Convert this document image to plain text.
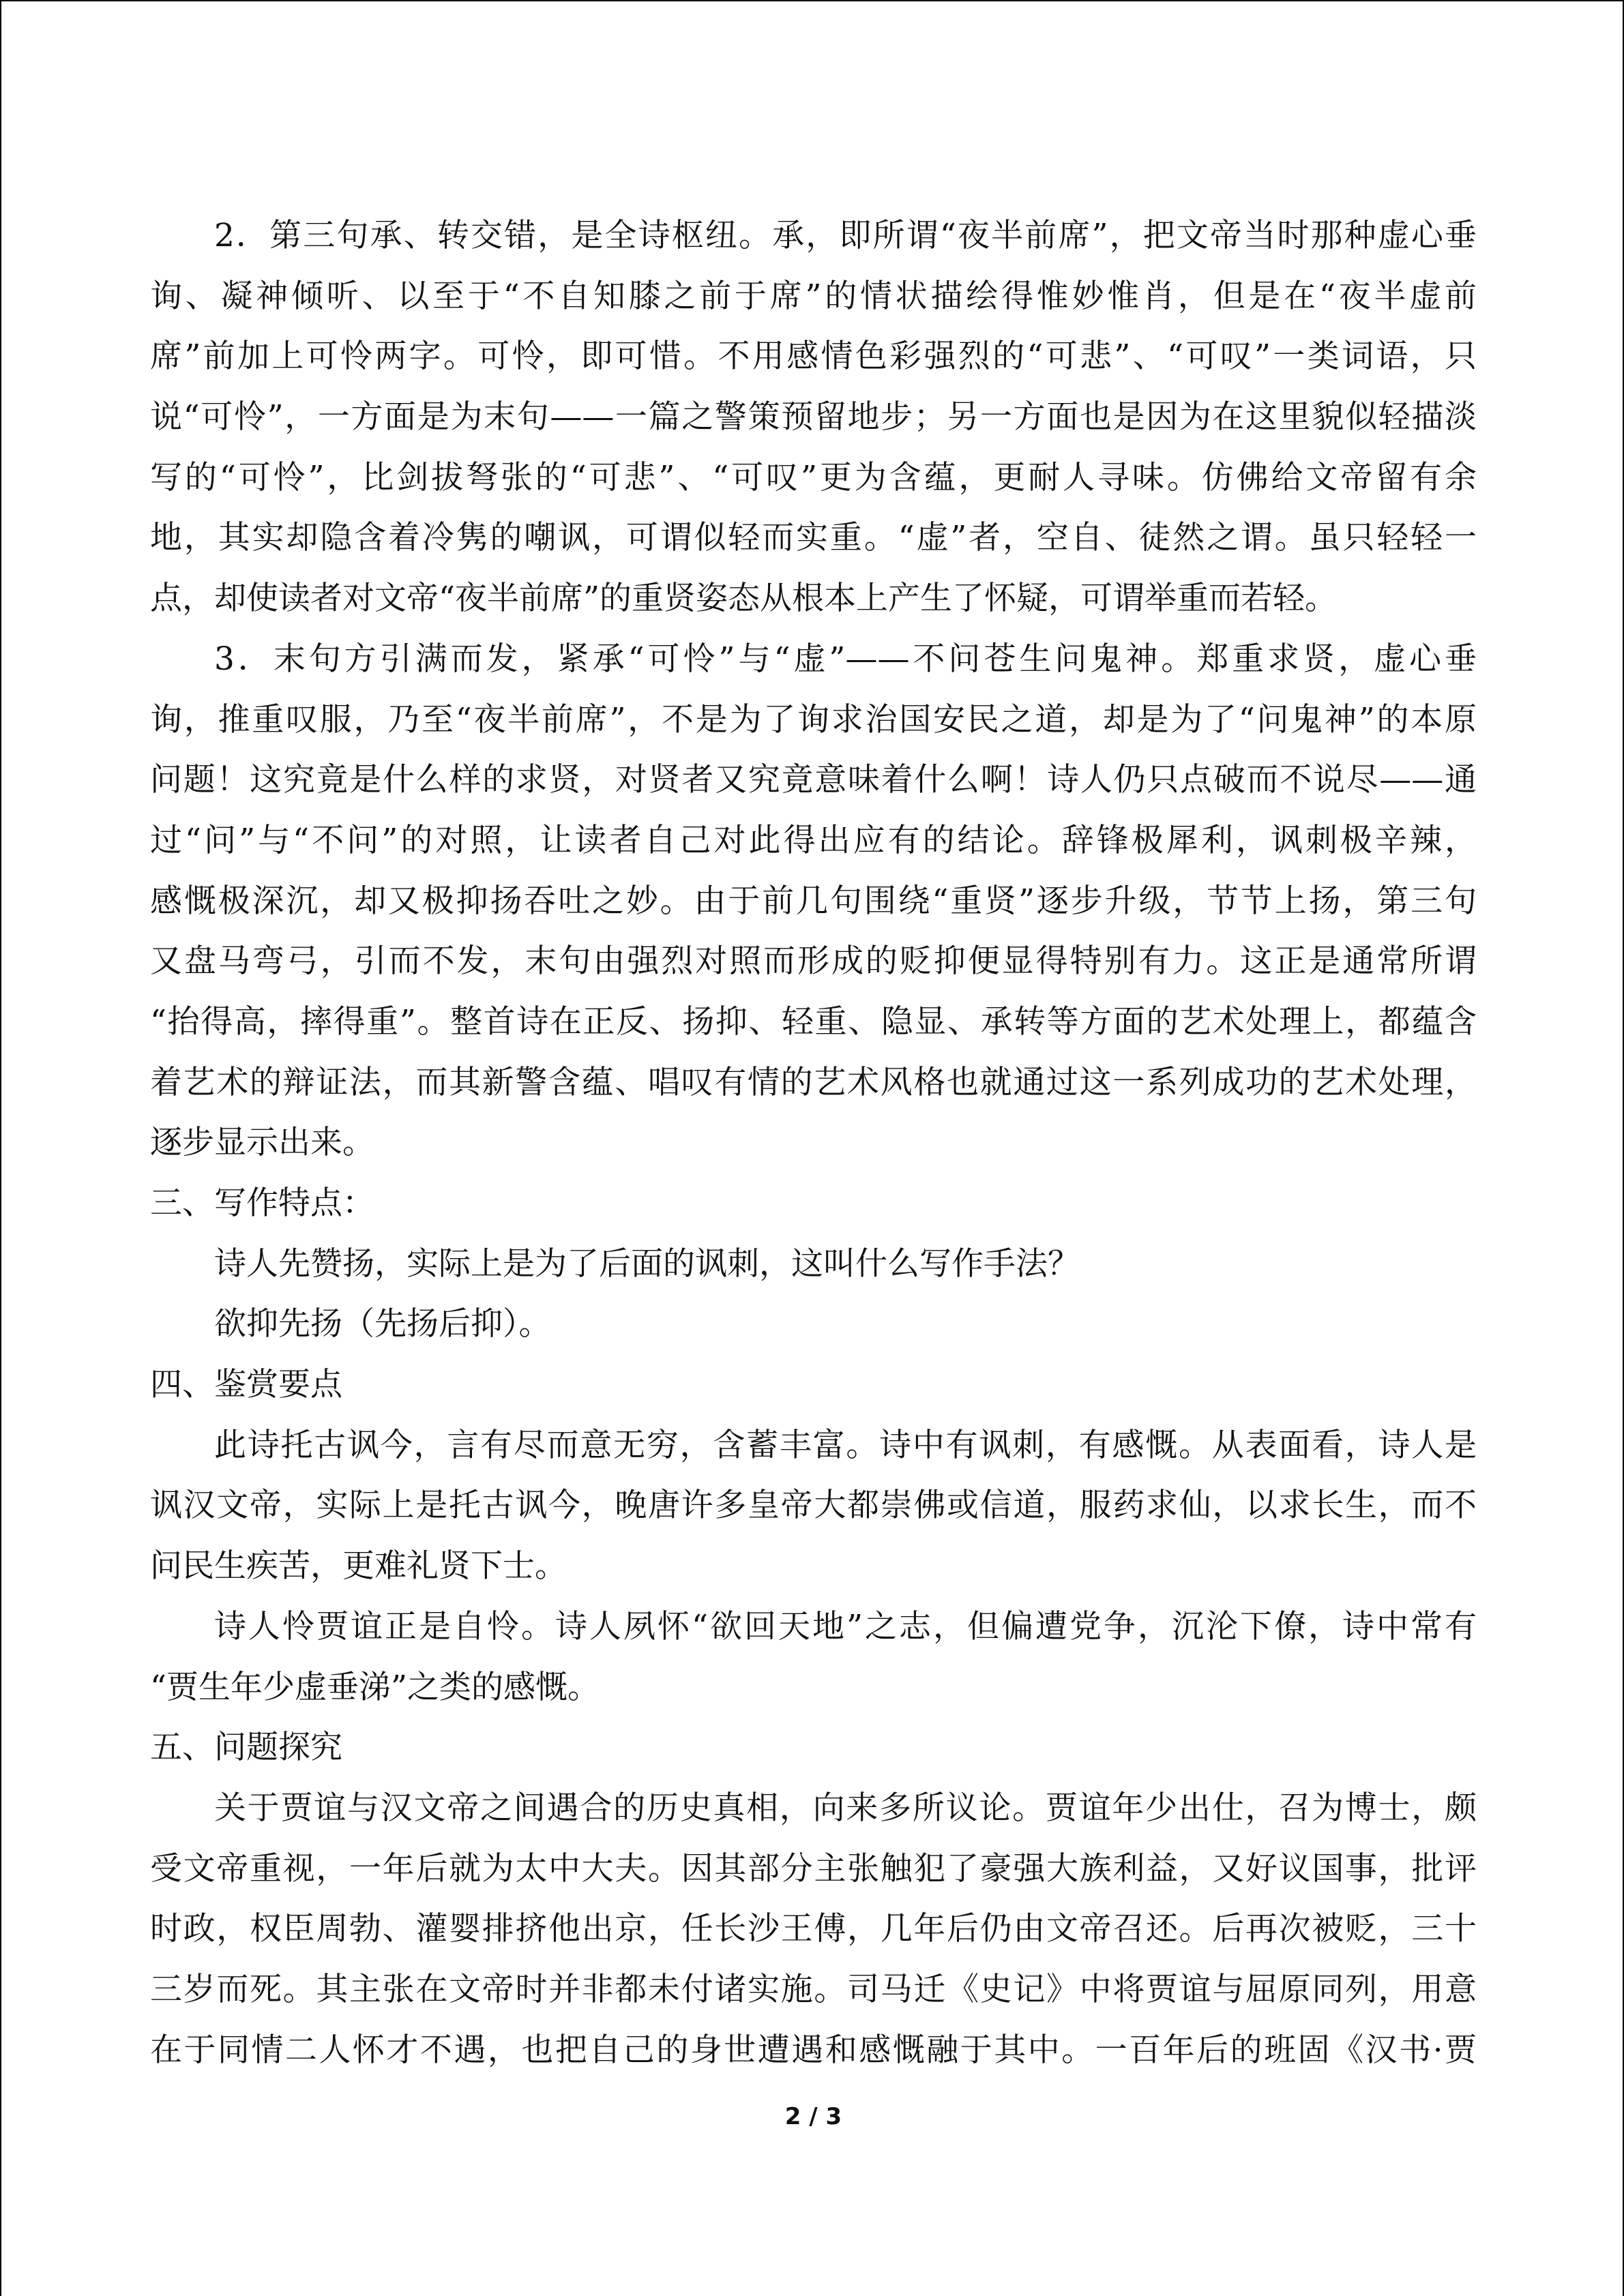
2．第三句承、转交错，是全诗枢纽。承，即所谓“夜半前席”，把文帝当时那种虚心垂
询、凝神倾听、以至于“不自知膝之前于席”的情状描绘得惟妙惟肖，但是在“夜半虚前
席”前加上可怜两字。可怜，即可惜。不用感情色彩强烈的“可悲”、“可叹”一类词语，只
说“可怜”，一方面是为末句——一篇之警策预留地步；另一方面也是因为在这里貌似轻描淡
写的“可怜”，比剑拔弩张的“可悲”、“可叹”更为含蕴，更耐人寻味。仿佛给文帝留有余
地，其实却隐含着冷隽的嘲讽，可谓似轻而实重。“虚”者，空自、徒然之谓。虽只轻轻一
点，却使读者对文帝“夜半前席”的重贤姿态从根本上产生了怀疑，可谓举重而若轻。
3．末句方引满而发，紧承“可怜”与“虚”——不问苍生问鬼神。郑重求贤，虚心垂
询，推重叹服，乃至“夜半前席”，不是为了询求治国安民之道，却是为了“问鬼神”的本原
问题！这究竟是什么样的求贤，对贤者又究竟意味着什么啊！诗人仍只点破而不说尽——通
过“问”与“不问”的对照，让读者自己对此得出应有的结论。辞锋极犀利，讽刺极辛辣，
感慨极深沉，却又极抑扬吞吐之妙。由于前几句围绕“重贤”逐步升级，节节上扬，第三句
又盘马弯弓，引而不发，末句由强烈对照而形成的贬抑便显得特别有力。这正是通常所谓
“抬得高，摔得重”。整首诗在正反、扬抑、轻重、隐显、承转等方面的艺术处理上，都蕴含
着艺术的辩证法，而其新警含蕴、唱叹有情的艺术风格也就通过这一系列成功的艺术处理，
逐步显示出来。
三、写作特点：
诗人先赞扬，实际上是为了后面的讽刺，这叫什么写作手法？
欲抑先扬（先扬后抑）。
四、鉴赏要点
此诗托古讽今，言有尽而意无穷，含蓄丰富。诗中有讽刺，有感慨。从表面看，诗人是
讽汉文帝，实际上是托古讽今，晚唐许多皇帝大都崇佛或信道，服药求仙，以求长生，而不
问民生疾苦，更难礼贤下士。
诗人怜贾谊正是自怜。诗人夙怀“欲回天地”之志，但偏遭党争，沉沦下僚，诗中常有
“贾生年少虚垂涕”之类的感慨。
五、问题探究
关于贾谊与汉文帝之间遇合的历史真相，向来多所议论。贾谊年少出仕，召为博士，颇
受文帝重视，一年后就为太中大夫。因其部分主张触犯了豪强大族利益，又好议国事，批评
时政，权臣周勃、灌婴排挤他出京，任长沙王傅，几年后仍由文帝召还。后再次被贬，三十
三岁而死。其主张在文帝时并非都未付诸实施。司马迁《史记》中将贾谊与屈原同列，用意
在于同情二人怀才不遇，也把自己的身世遭遇和感慨融于其中。一百年后的班固《汉书·贾
2 / 3
